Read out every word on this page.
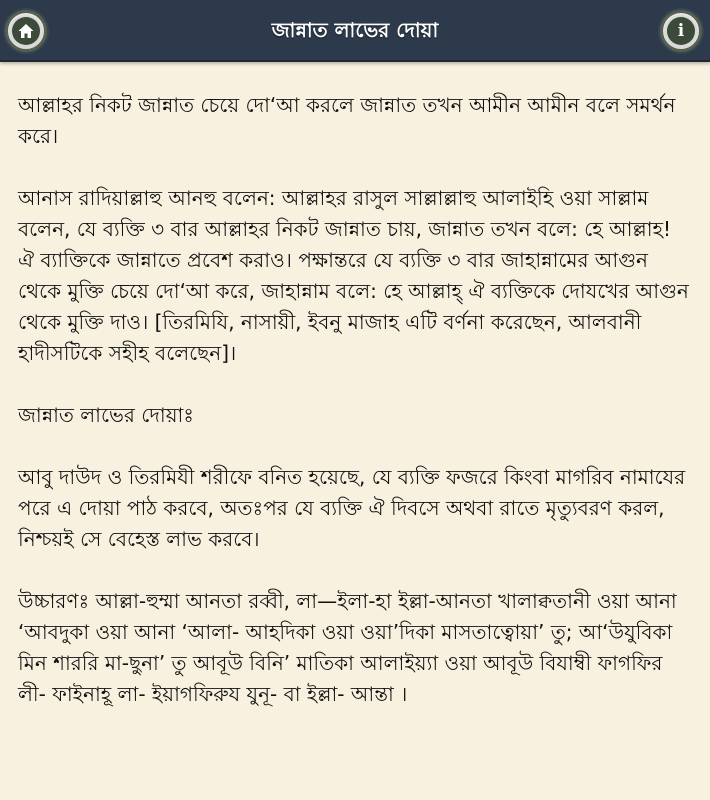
জান্নাত লাভের দোয়া	i

আল্লাহর নিকট জান্নাত চেয়ে দো‘আ করলে জান্নাত তখন আমীন আমীন বলে সমর্থন করে।

আনাস রাদিয়াল্লাহু আনহু বলেন: আল্লাহর রাসুল সাল্লাল্লাহু আলাইহি ওয়া সাল্লাম বলেন, যে ব্যক্তি ৩ বার আল্লাহর নিকট জান্নাত চায়, জান্নাত তখন বলে: হে আল্লাহ! ঐ ব্যাক্তিকে জান্নাতে প্রবেশ করাও। পক্ষান্তরে যে ব্যক্তি ৩ বার জাহান্নামের আগুন থেকে মুক্তি চেয়ে দো‘আ করে, জাহান্নাম বলে: হে আল্লাহ্ ঐ ব্যক্তিকে দোযখের আগুন থেকে মুক্তি দাও। [তিরমিযি, নাসায়ী, ইবনু মাজাহ এটি বর্ণনা করেছেন, আলবানী হাদীসটিকে সহীহ বলেছেন]।

জান্নাত লাভের দোয়াঃ

আবু দাউদ ও তিরমিযী শরীফে বনিত হয়েছে, যে ব্যক্তি ফজরে কিংবা মাগরিব নামাযের পরে এ দোয়া পাঠ করবে, অতঃপর যে ব্যক্তি ঐ দিবসে অথবা রাতে মৃত্যুবরণ করল, নিশ্চয়ই সে বেহেস্ত লাভ করবে।

উচ্চারণঃ আল্লা-হুম্মা আনতা রব্বী, লা—ইলা-হা ইল্লা-আনতা খালাক্বতানী ওয়া আনা ‘আবদুকা ওয়া আনা ‘আলা- আহদিকা ওয়া ওয়া’দিকা মাসতাত্বোয়া’ তু; আ‘উযুবিকা মিন শাররি মা-ছুনা’ তু আবূউ বিনি’ মাতিকা আলাইয়্যা ওয়া আবূউ বিযাম্বী ফাগফির লী- ফাইনাহূ লা- ইয়াগফিরুয যুনূ- বা ইল্লা- আন্তা ।
